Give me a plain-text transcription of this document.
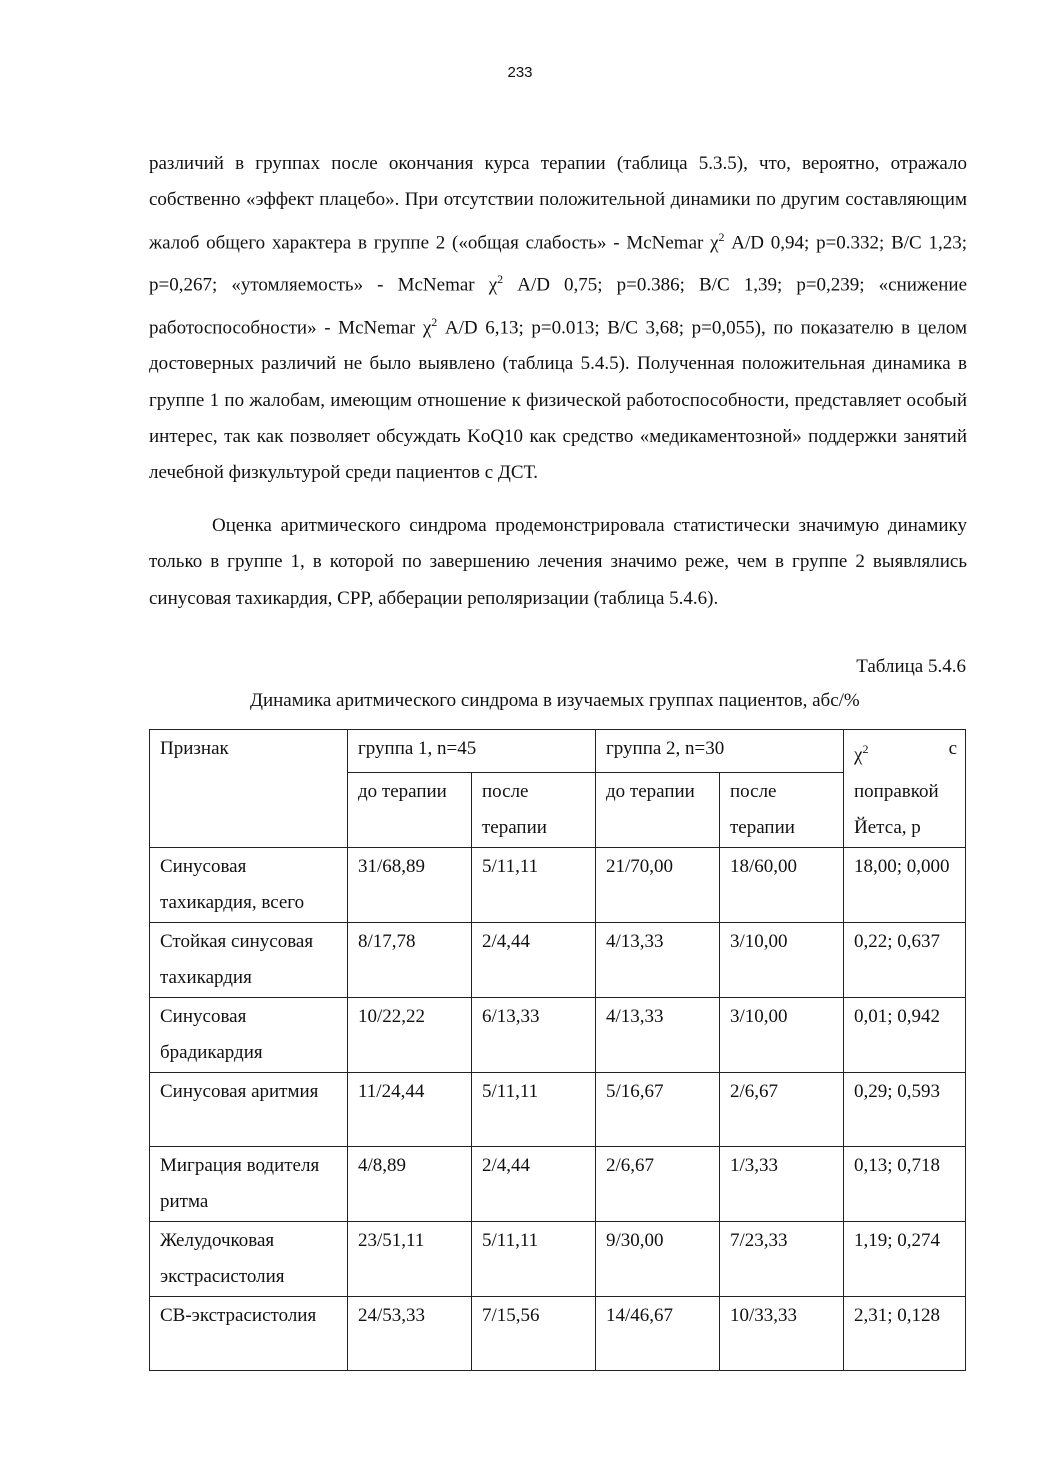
233
различий в группах после окончания курса терапии (таблица 5.3.5), что, вероятно, отражало собственно «эффект плацебо». При отсутствии положительной динамики по другим составляющим жалоб общего характера в группе 2 («общая слабость» - McNemar $\chi^2$ A/D 0,94; p=0.332; B/C 1,23; p=0,267; «утомляемость» - McNemar $\chi^2$ A/D 0,75; p=0.386; B/C 1,39; p=0,239; «снижение работоспособности» - McNemar $\chi^2$ A/D 6,13; p=0.013; B/C 3,68; p=0,055), по показателю в целом достоверных различий не было выявлено (таблица 5.4.5). Полученная положительная динамика в группе 1 по жалобам, имеющим отношение к физической работоспособности, представляет особый интерес, так как позволяет обсуждать KoQ10 как средство «медикаментозной» поддержки занятий лечебной физкультурой среди пациентов с ДСТ.
Оценка аритмического синдрома продемонстрировала статистически значимую динамику только в группе 1, в которой по завершению лечения значимо реже, чем в группе 2 выявлялись синусовая тахикардия, СРР, абберации реполяризации (таблица 5.4.6).
Таблица 5.4.6
Динамика аритмического синдрома в изучаемых группах пациентов, абс/%
Признак	группа 1, n=45		группа 2, n=30		$\chi^2$ с
поправкой Йетса, p
	до терапии	после терапии	до терапии	после терапии	
Синусовая тахикардия, всего	31/68,89	5/11,11	21/70,00	18/60,00	18,00; 0,000
Стойкая синусовая тахикардия	8/17,78	2/4,44	4/13,33	3/10,00	0,22; 0,637
Синусовая брадикардия	10/22,22	6/13,33	4/13,33	3/10,00	0,01; 0,942
Синусовая аритмия	11/24,44	5/11,11	5/16,67	2/6,67	0,29; 0,593
Миграция водителя ритма	4/8,89	2/4,44	2/6,67	1/3,33	0,13; 0,718
Желудочковая экстрасистолия	23/51,11	5/11,11	9/30,00	7/23,33	1,19; 0,274
СВ-экстрасистолия	24/53,33	7/15,56	14/46,67	10/33,33	2,31; 0,128
